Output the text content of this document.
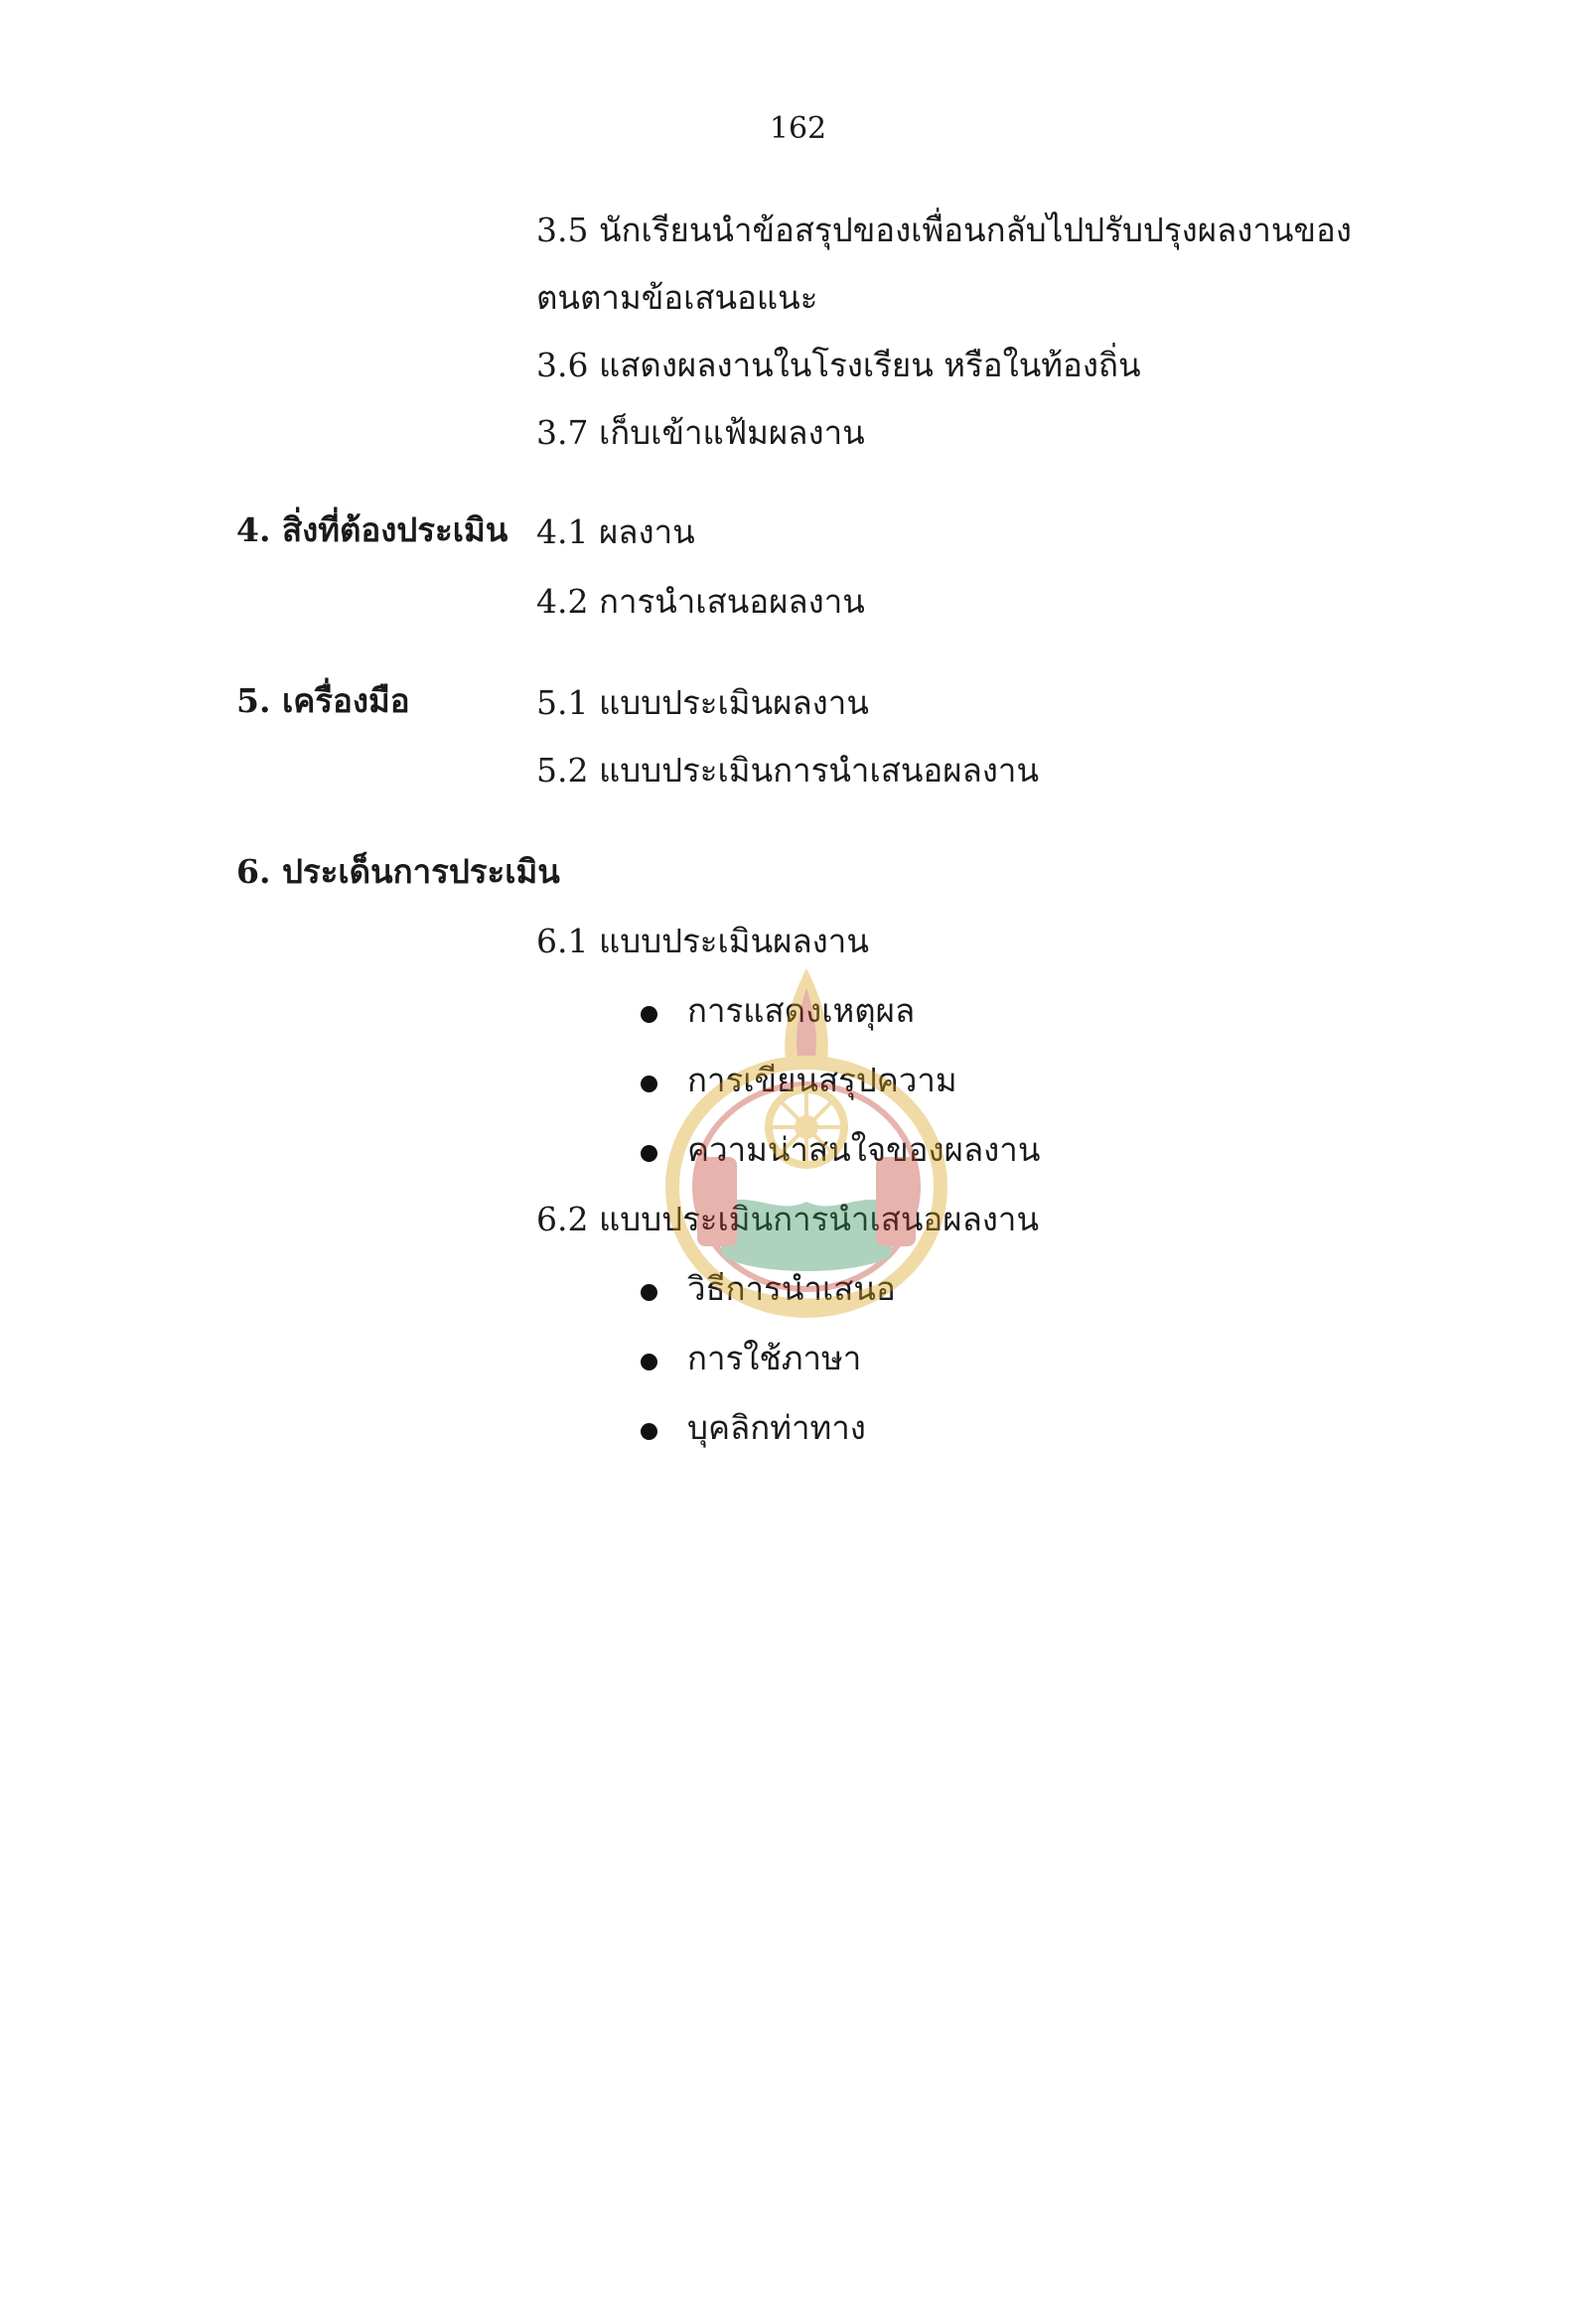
162
3.5 นักเรียนนำข้อสรุปของเพื่อนกลับไปปรับปรุงผลงานของ
ตนตามข้อเสนอแนะ
3.6 แสดงผลงานในโรงเรียน หรือในท้องถิ่น
3.7 เก็บเข้าแฟ้มผลงาน
4. สิ่งที่ต้องประเมิน 4.1 ผลงาน
4.2 การนำเสนอผลงาน
5. เครื่องมือ	5.1 แบบประเมินผลงาน
5.2 แบบประเมินการนำเสนอผลงาน
6. ประเด็นการประเมิน
6.1 แบบประเมินผลงาน
การแสดงเหตุผล
การเขียนสรุปความ
ความน่าสนใจของผลงาน
6.2 แบบประเมินการนำเสนอผลงาน
วิธีการนำเสนอ
การใช้ภาษา
บุคลิกท่าทาง
